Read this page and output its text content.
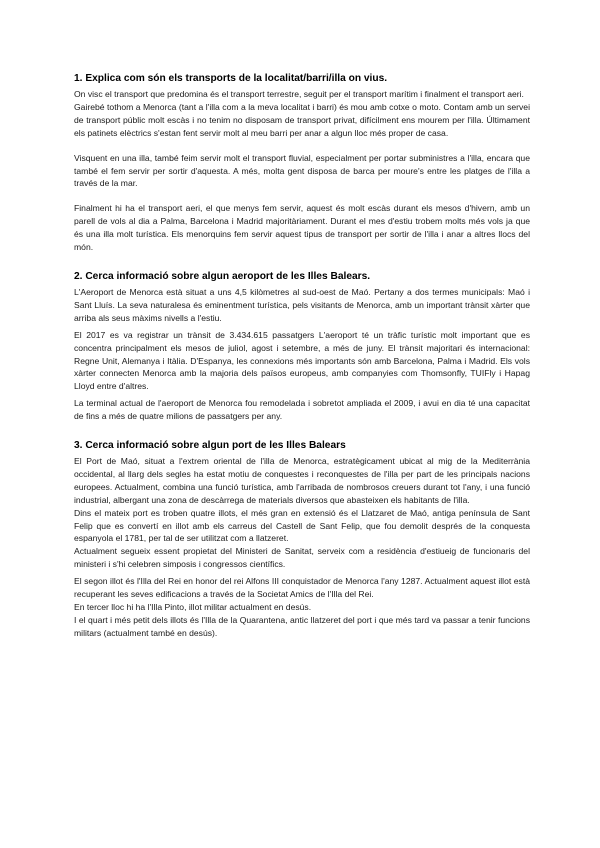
1. Explica com són els transports de la localitat/barri/illa on vius.

On visc el transport que predomina és el transport terrestre, seguit per el transport marítim i finalment el transport aeri.

Gairebé tothom a Menorca (tant a l'illa com a la meva localitat i barri) és mou amb cotxe o moto. Contam amb un servei de transport públic molt escàs i no tenim no disposam de transport privat, difícilment ens mourem per l'illa. Últimament els patinets elèctrics s'estan fent servir molt al meu barri per anar a algun lloc més proper de casa.

Visquent en una illa, també feim servir molt el transport fluvial, especialment per portar subministres a l'illa, encara que també el fem servir per sortir d'aquesta. A més, molta gent disposa de barca per moure's entre les platges de l'illa a través de la mar.

Finalment hi ha el transport aeri, el que menys fem servir, aquest és molt escàs durant els mesos d'hivern, amb un parell de vols al dia a Palma, Barcelona i Madrid majoritàriament. Durant el mes d'estiu trobem molts més vols ja que és una illa molt turística. Els menorquins fem servir aquest tipus de transport per sortir de l'illa i anar a altres llocs del món.

2. Cerca informació sobre algun aeroport de les Illes Balears.

L'Aeroport de Menorca està situat a uns 4,5 kilòmetres al sud-oest de Maó. Pertany a dos termes municipals: Maó i Sant Lluís. La seva naturalesa és eminentment turística, pels visitants de Menorca, amb un important trànsit xàrter que arriba als seus màxims nivells a l'estiu.

El 2017 es va registrar un trànsit de 3.434.615 passatgers L'aeroport té un tràfic turístic molt important que es concentra principalment els mesos de juliol, agost i setembre, a més de juny. El trànsit majoritari és internacional: Regne Unit, Alemanya i Itàlia. D'Espanya, les connexions més importants són amb Barcelona, Palma i Madrid. Els vols xàrter connecten Menorca amb la majoria dels països europeus, amb companyies com Thomsonfly, TUIFly i Hapag Lloyd entre d'altres.

La terminal actual de l'aeroport de Menorca fou remodelada i sobretot ampliada el 2009, i avui en dia té una capacitat de fins a més de quatre milions de passatgers per any.

3. Cerca informació sobre algun port de les Illes Balears

El Port de Maó, situat a l'extrem oriental de l'illa de Menorca, estratègicament ubicat al mig de la Mediterrània occidental, al llarg dels segles ha estat motiu de conquestes i reconquestes de l'illa per part de les principals nacions europees. Actualment, combina una funció turística, amb l'arribada de nombrosos creuers durant tot l'any, i una funció industrial, albergant una zona de descàrrega de materials diversos que abasteixen els habitants de l'illa.

Dins el mateix port es troben quatre illots, el més gran en extensió és el Llatzaret de Maó, antiga península de Sant Felip que es convertí en illot amb els carreus del Castell de Sant Felip, que fou demolit després de la conquesta espanyola el 1781, per tal de ser utilitzat com a llatzeret.

Actualment segueix essent propietat del Ministeri de Sanitat, serveix com a residència d'estiueig de funcionaris del ministeri i s'hi celebren simposis i congressos científics.

El segon illot és l'Illa del Rei en honor del rei Alfons III conquistador de Menorca l'any 1287. Actualment aquest illot està recuperant les seves edificacions a través de la Societat Amics de l'Illa del Rei.

En tercer lloc hi ha l'Illa Pinto, illot militar actualment en desús.

I el quart i més petit dels illots és l'Illa de la Quarantena, antic llatzeret del port i que més tard va passar a tenir funcions militars (actualment també en desús).
